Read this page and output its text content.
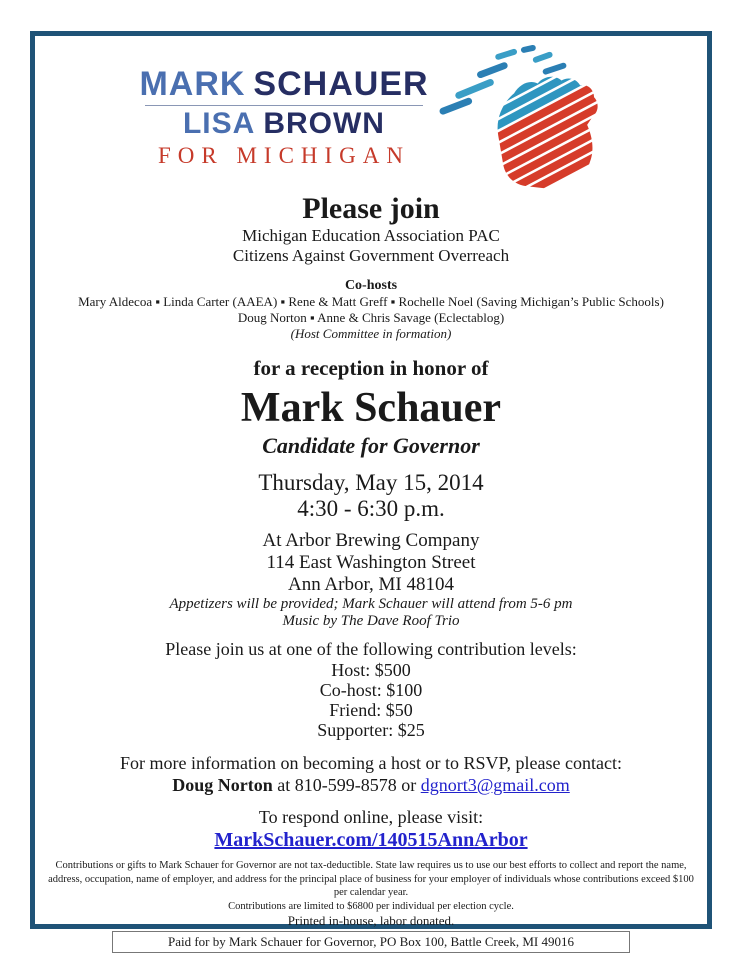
MARK SCHAUER
LISA BROWN
FOR MICHIGAN
Please join
Michigan Education Association PAC
Citizens Against Government Overreach
Co-hosts
Mary Aldecoa ▪ Linda Carter (AAEA) ▪ Rene & Matt Greff ▪ Rochelle Noel (Saving Michigan’s Public Schools)
Doug Norton ▪ Anne & Chris Savage (Eclectablog)
(Host Committee in formation)
for a reception in honor of
Mark Schauer
Candidate for Governor
Thursday, May 15, 2014
4:30 - 6:30 p.m.
At Arbor Brewing Company
114 East Washington Street
Ann Arbor, MI 48104
Appetizers will be provided; Mark Schauer will attend from 5-6 pm
Music by The Dave Roof Trio
Please join us at one of the following contribution levels:
Host: $500
Co-host: $100
Friend: $50
Supporter: $25
For more information on becoming a host or to RSVP, please contact:
Doug Norton at 810-599-8578 or dgnort3@gmail.com
To respond online, please visit:
MarkSchauer.com/140515AnnArbor
Contributions or gifts to Mark Schauer for Governor are not tax-deductible. State law requires us to use our best efforts to collect and report the name, address, occupation, name of employer, and address for the principal place of business for your employer of individuals whose contributions exceed $100 per calendar year.
Contributions are limited to $6800 per individual per election cycle.
Printed in-house, labor donated.
Paid for by Mark Schauer for Governor, PO Box 100, Battle Creek, MI 49016
